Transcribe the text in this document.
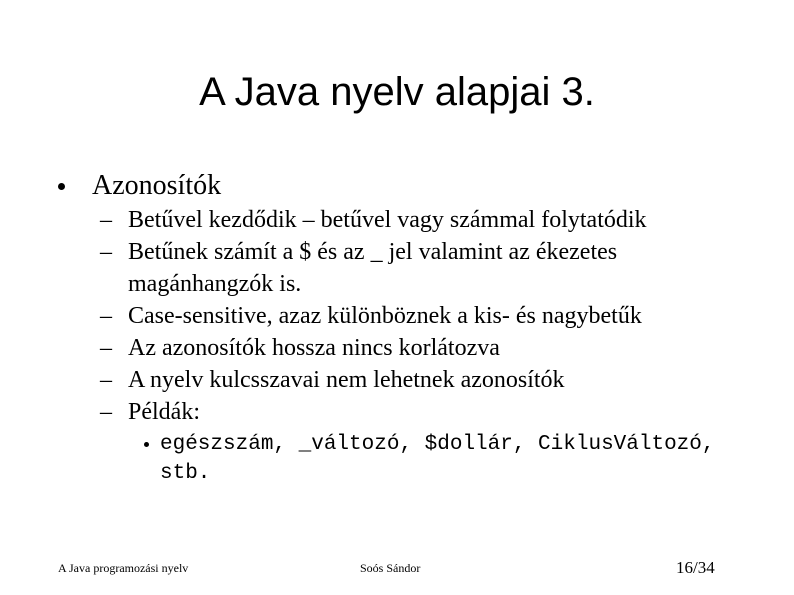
A Java nyelv alapjai 3.
Azonosítók
– Betűvel kezdődik – betűvel vagy számmal folytatódik
– Betűnek számít a $ és az _ jel valamint az ékezetes magánhangzók is.
– Case-sensitive, azaz különböznek a kis- és nagybetűk
– Az azonosítók hossza nincs korlátozva
– A nyelv kulcsszavai nem lehetnek azonosítók
– Példák:
egészszám, _változó, $dollár, CiklusVáltozó, stb.
A Java programozási nyelv	Soós Sándor	16/34
